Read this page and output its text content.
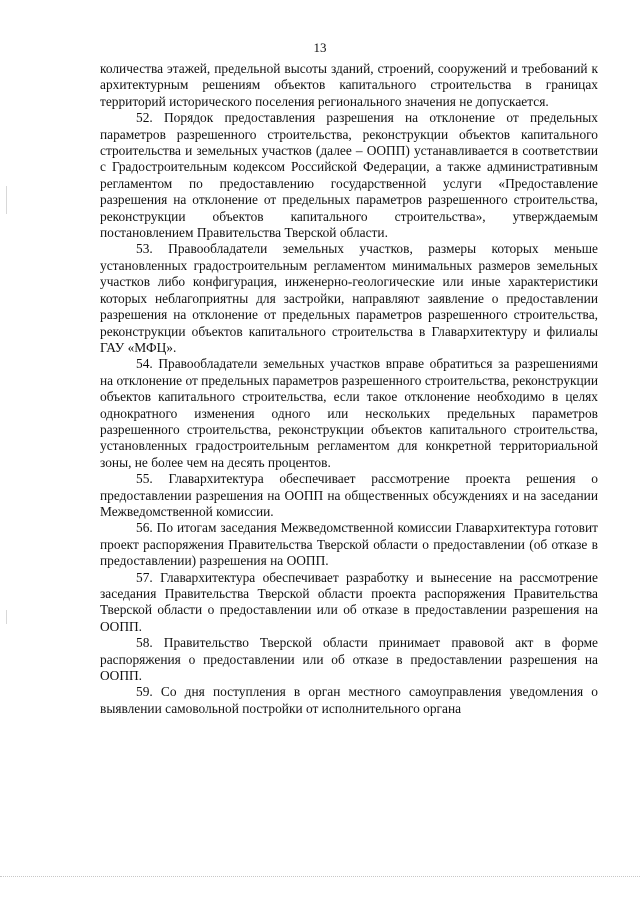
13

количества этажей, предельной высоты зданий, строений, сооружений и требований к архитектурным решениям объектов капитального строительства в границах территорий исторического поселения регионального значения не допускается.

52. Порядок предоставления разрешения на отклонение от предельных параметров разрешенного строительства, реконструкции объектов капитального строительства и земельных участков (далее – ООПП) устанавливается в соответствии с Градостроительным кодексом Российской Федерации, а также административным регламентом по предоставлению государственной услуги «Предоставление разрешения на отклонение от предельных параметров разрешенного строительства, реконструкции объектов капитального строительства», утверждаемым постановлением Правительства Тверской области.

53. Правообладатели земельных участков, размеры которых меньше установленных градостроительным регламентом минимальных размеров земельных участков либо конфигурация, инженерно-геологические или иные характеристики которых неблагоприятны для застройки, направляют заявление о предоставлении разрешения на отклонение от предельных параметров разрешенного строительства, реконструкции объектов капитального строительства в Главархитектуру и филиалы ГАУ «МФЦ».

54. Правообладатели земельных участков вправе обратиться за разрешениями на отклонение от предельных параметров разрешенного строительства, реконструкции объектов капитального строительства, если такое отклонение необходимо в целях однократного изменения одного или нескольких предельных параметров разрешенного строительства, реконструкции объектов капитального строительства, установленных градостроительным регламентом для конкретной территориальной зоны, не более чем на десять процентов.

55. Главархитектура обеспечивает рассмотрение проекта решения о предоставлении разрешения на ООПП на общественных обсуждениях и на заседании Межведомственной комиссии.

56. По итогам заседания Межведомственной комиссии Главархитектура готовит проект распоряжения Правительства Тверской области о предоставлении (об отказе в предоставлении) разрешения на ООПП.

57. Главархитектура обеспечивает разработку и вынесение на рассмотрение заседания Правительства Тверской области проекта распоряжения Правительства Тверской области о предоставлении или об отказе в предоставлении разрешения на ООПП.

58. Правительство Тверской области принимает правовой акт в форме распоряжения о предоставлении или об отказе в предоставлении разрешения на ООПП.

59. Со дня поступления в орган местного самоуправления уведомления о выявлении самовольной постройки от исполнительного органа
